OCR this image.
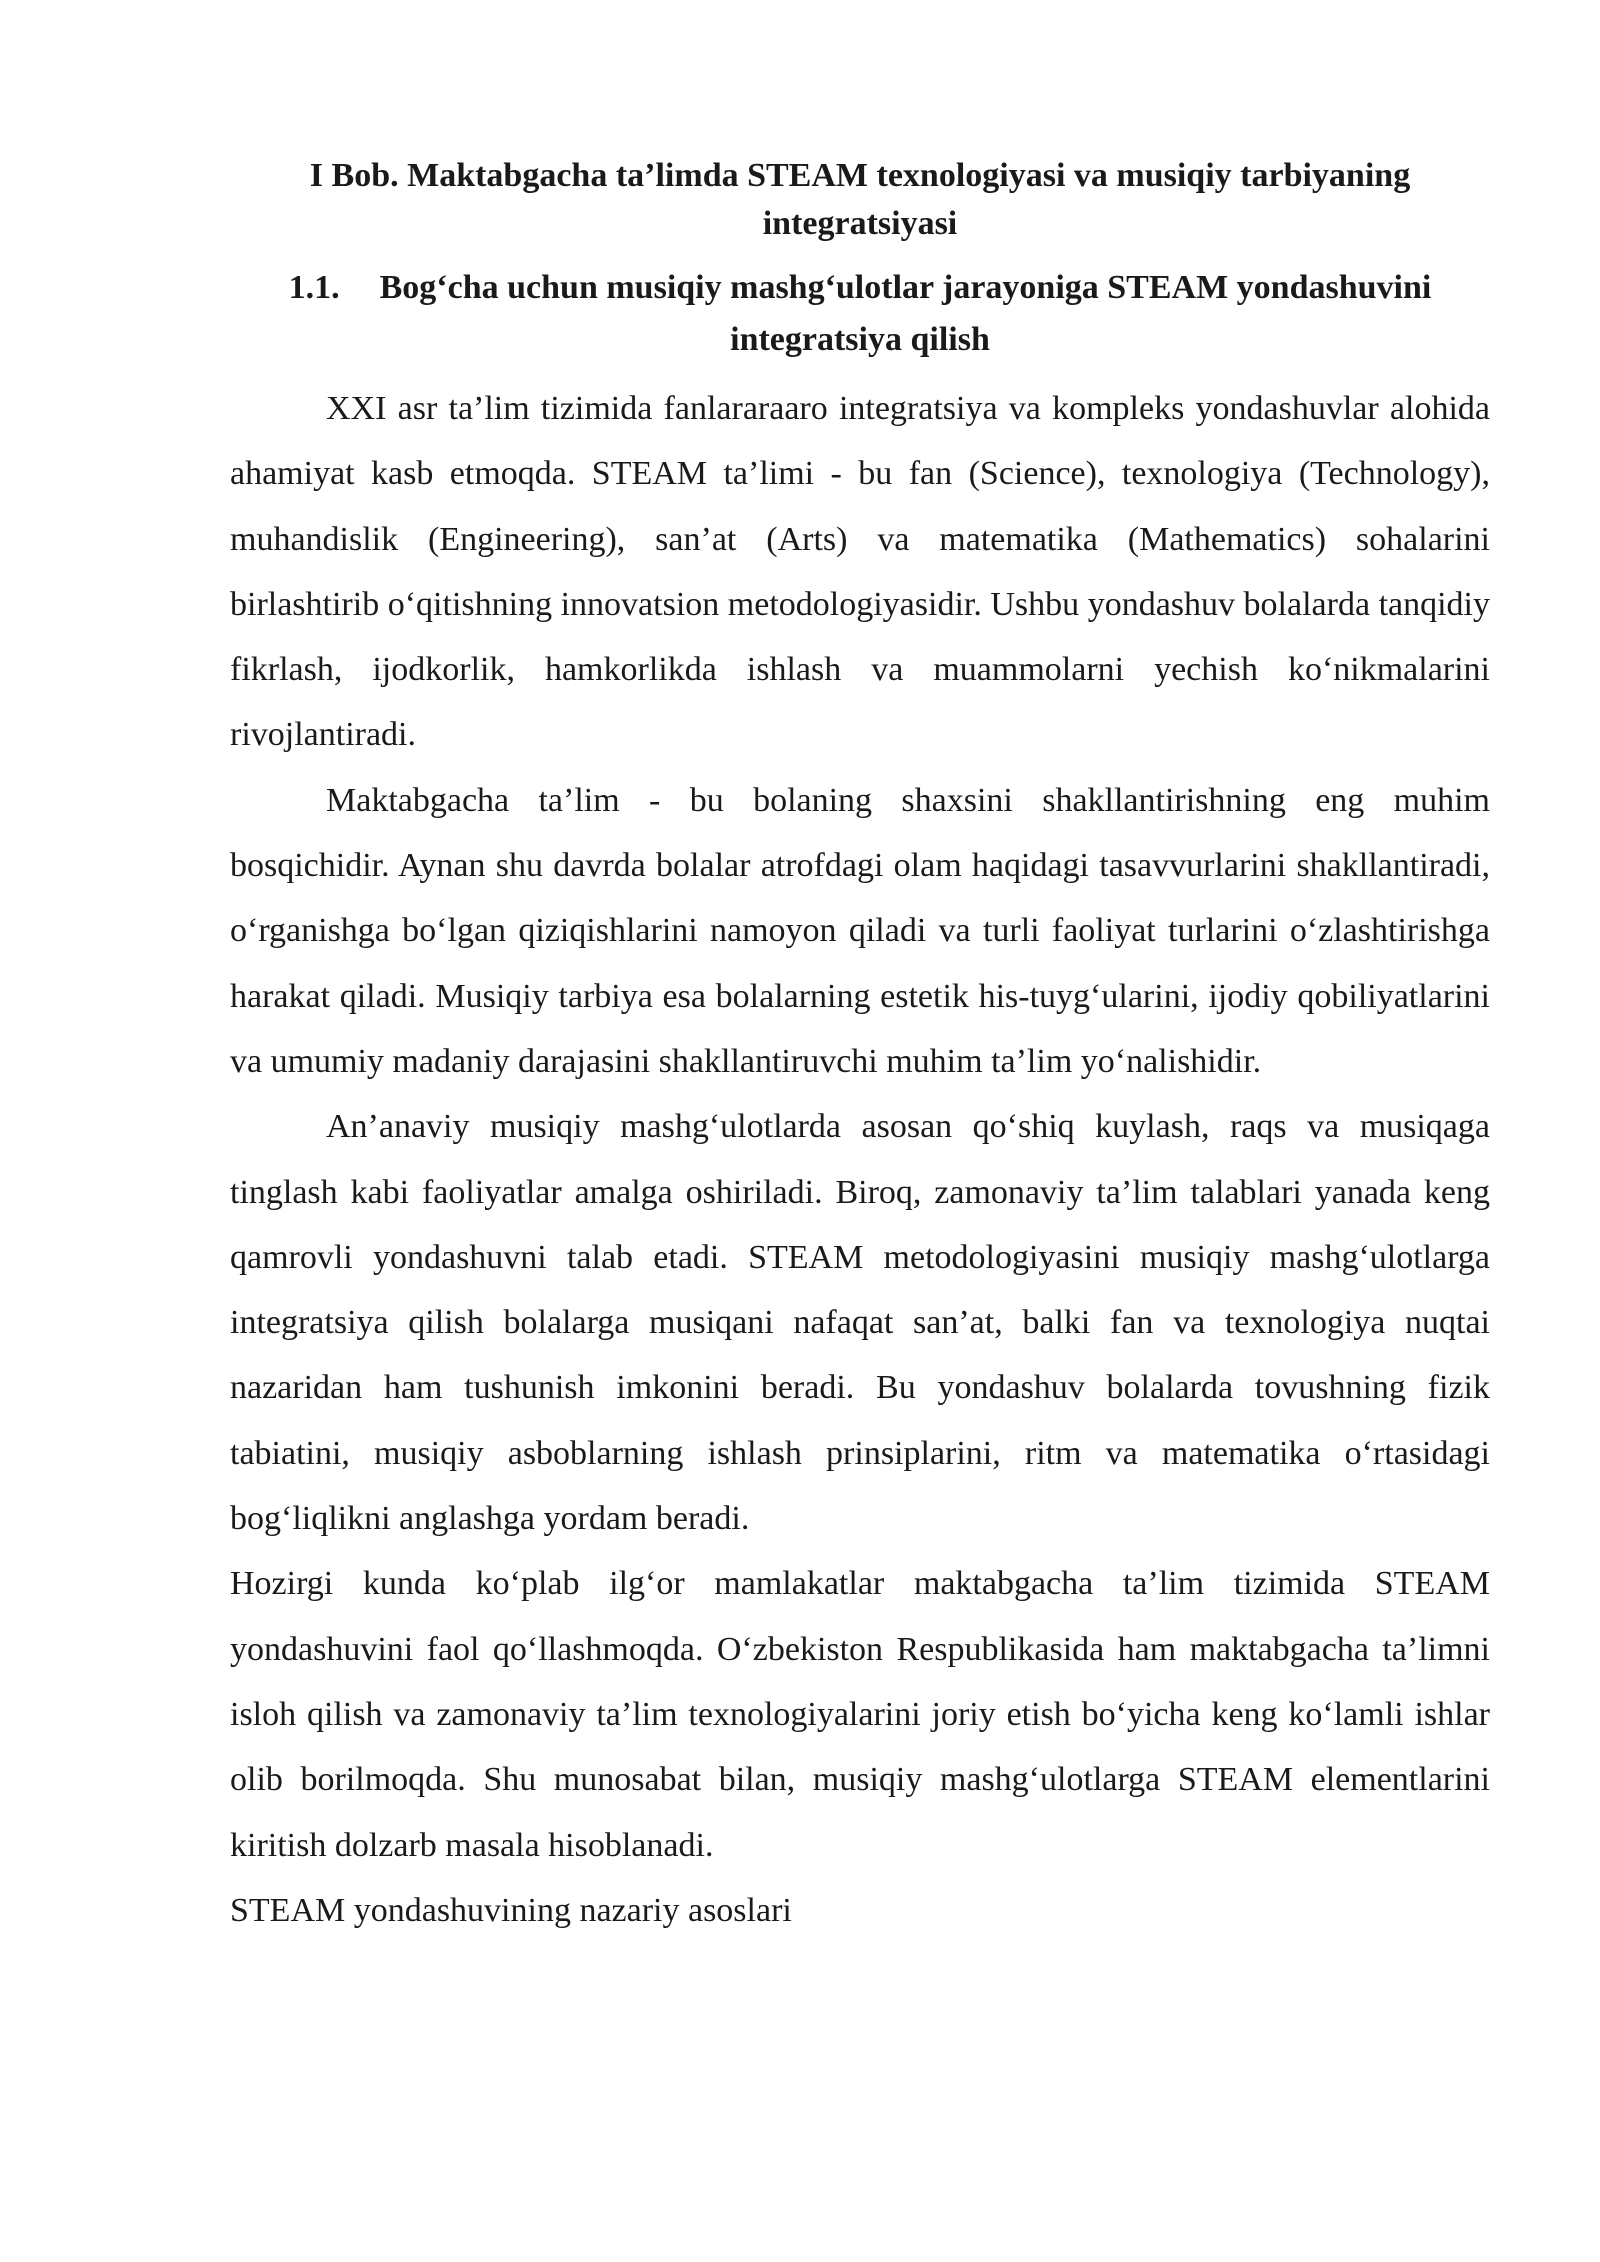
I Bob. Maktabgacha ta’limda STEAM texnologiyasi va musiqiy tarbiyaning integratsiyasi
1.1. Bog‘cha uchun musiqiy mashg‘ulotlar jarayoniga STEAM yondashuvini integratsiya qilish

XXI asr ta’lim tizimida fanlararaaro integratsiya va kompleks yondashuvlar alohida ahamiyat kasb etmoqda. STEAM ta’limi - bu fan (Science), texnologiya (Technology), muhandislik (Engineering), san’at (Arts) va matematika (Mathematics) sohalarini birlashtirib o‘qitishning innovatsion metodologiyasidir. Ushbu yondashuv bolalarda tanqidiy fikrlash, ijodkorlik, hamkorlikda ishlash va muammolarni yechish ko‘nikmalarini rivojlantiradi.

Maktabgacha ta’lim - bu bolaning shaxsini shakllantirishning eng muhim bosqichidir. Aynan shu davrda bolalar atrofdagi olam haqidagi tasavvurlarini shakllantiradi, o‘rganishga bo‘lgan qiziqishlarini namoyon qiladi va turli faoliyat turlarini o‘zlashtirishga harakat qiladi. Musiqiy tarbiya esa bolalarning estetik his-tuyg‘ularini, ijodiy qobiliyatlarini va umumiy madaniy darajasini shakllantiruvchi muhim ta’lim yo‘nalishidir.

An’anaviy musiqiy mashg‘ulotlarda asosan qo‘shiq kuylash, raqs va musiqaga tinglash kabi faoliyatlar amalga oshiriladi. Biroq, zamonaviy ta’lim talablari yanada keng qamrovli yondashuvni talab etadi. STEAM metodologiyasini musiqiy mashg‘ulotlarga integratsiya qilish bolalarga musiqani nafaqat san’at, balki fan va texnologiya nuqtai nazaridan ham tushunish imkonini beradi. Bu yondashuv bolalarda tovushning fizik tabiatini, musiqiy asboblarning ishlash prinsiplarini, ritm va matematika o‘rtasidagi bog‘liqlikni anglashga yordam beradi.

Hozirgi kunda ko‘plab ilg‘or mamlakatlar maktabgacha ta’lim tizimida STEAM yondashuvini faol qo‘llashmoqda. O‘zbekiston Respublikasida ham maktabgacha ta’limni isloh qilish va zamonaviy ta’lim texnologiyalarini joriy etish bo‘yicha keng ko‘lamli ishlar olib borilmoqda. Shu munosabat bilan, musiqiy mashg‘ulotlarga STEAM elementlarini kiritish dolzarb masala hisoblanadi.

STEAM yondashuvining nazariy asoslari
